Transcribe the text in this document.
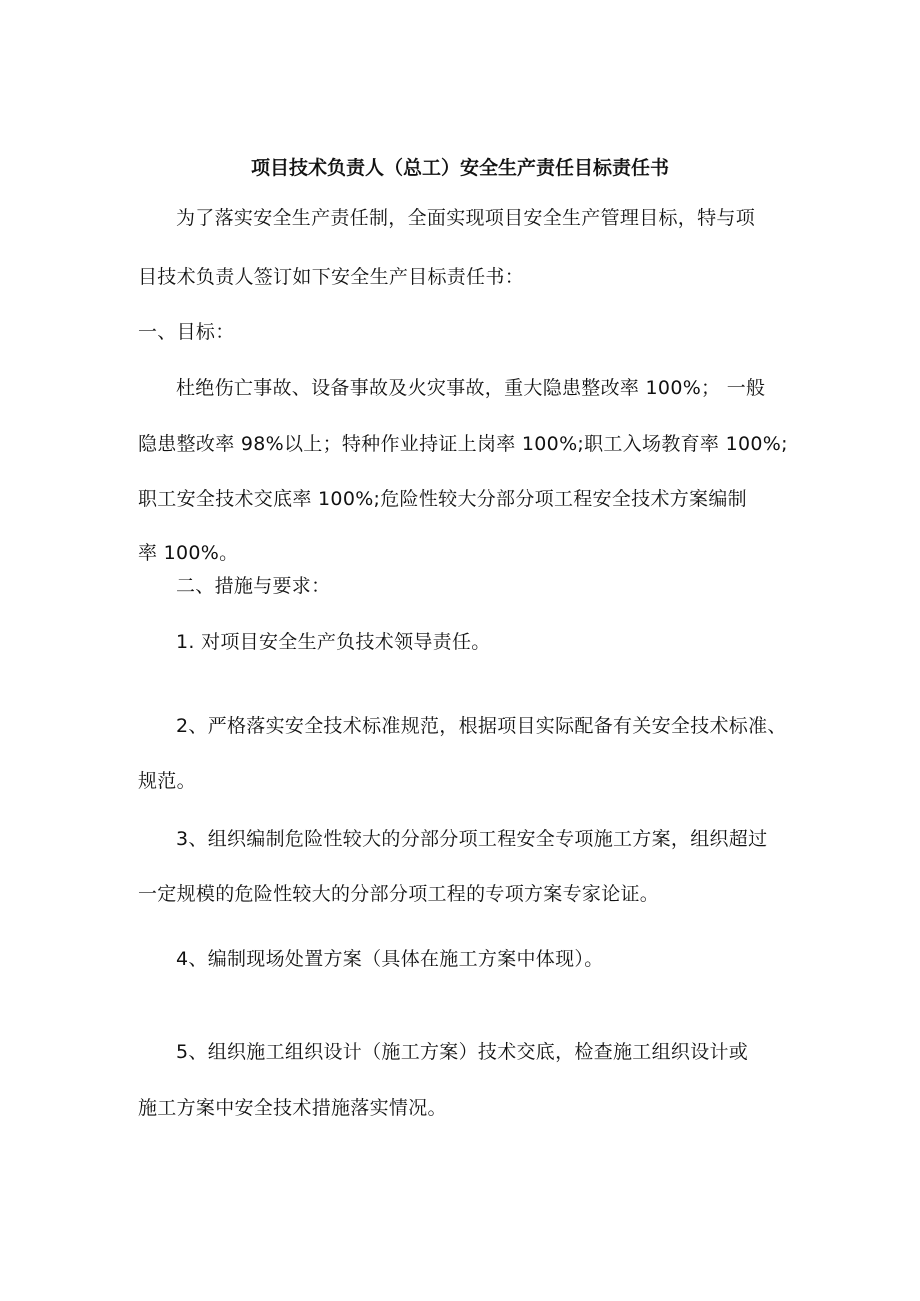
项目技术负责人（总工）安全生产责任目标责任书
为了落实安全生产责任制，全面实现项目安全生产管理目标，特与项
目技术负责人签订如下安全生产目标责任书：
一、目标：
杜绝伤亡事故、设备事故及火灾事故，重大隐患整改率 100%； 一般
隐患整改率 98%以上；特种作业持证上岗率 100%;职工入场教育率 100%;
职工安全技术交底率 100%;危险性较大分部分项工程安全技术方案编制
率 100%。
二、措施与要求：
1. 对项目安全生产负技术领导责任。
2、严格落实安全技术标准规范，根据项目实际配备有关安全技术标准、
规范。
3、组织编制危险性较大的分部分项工程安全专项施工方案，组织超过
一定规模的危险性较大的分部分项工程的专项方案专家论证。
4、编制现场处置方案（具体在施工方案中体现）。
5、组织施工组织设计（施工方案）技术交底，检查施工组织设计或
施工方案中安全技术措施落实情况。
